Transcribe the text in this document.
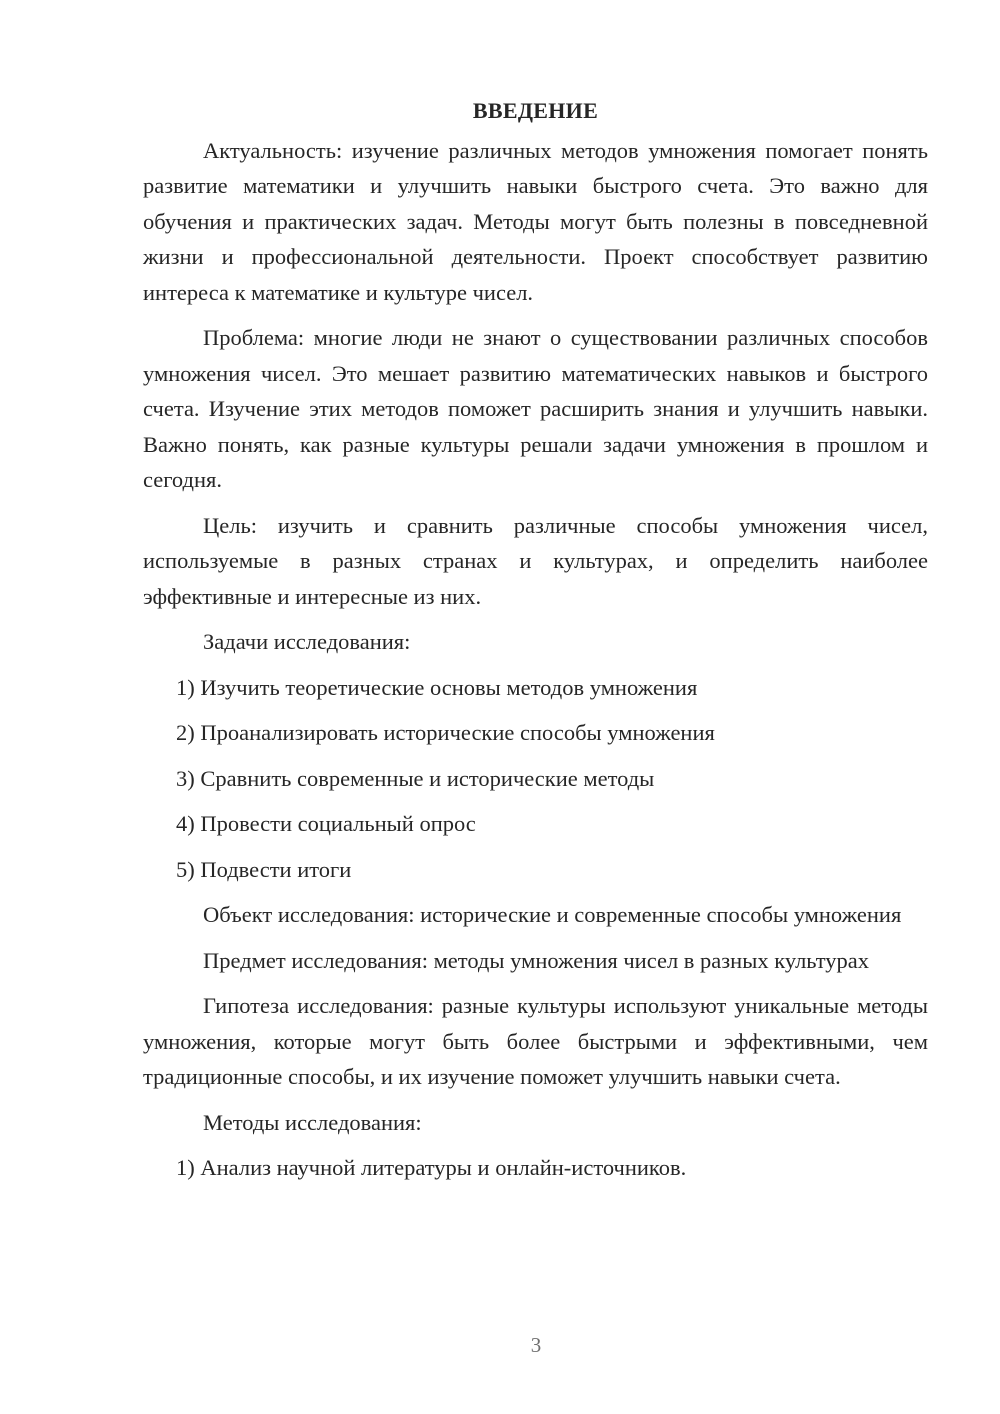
ВВЕДЕНИЕ

Актуальность: изучение различных методов умножения помогает понять развитие математики и улучшить навыки быстрого счета. Это важно для обучения и практических задач. Методы могут быть полезны в повседневной жизни и профессиональной деятельности. Проект способствует развитию интереса к математике и культуре чисел.

Проблема: многие люди не знают о существовании различных способов умножения чисел. Это мешает развитию математических навыков и быстрого счета. Изучение этих методов поможет расширить знания и улучшить навыки. Важно понять, как разные культуры решали задачи умножения в прошлом и сегодня.

Цель: изучить и сравнить различные способы умножения чисел, используемые в разных странах и культурах, и определить наиболее эффективные и интересные из них.

Задачи исследования:

1) Изучить теоретические основы методов умножения
2) Проанализировать исторические способы умножения
3) Сравнить современные и исторические методы
4) Провести социальный опрос
5) Подвести итоги

Объект исследования: исторические и современные способы умножения

Предмет исследования: методы умножения чисел в разных культурах

Гипотеза исследования: разные культуры используют уникальные методы умножения, которые могут быть более быстрыми и эффективными, чем традиционные способы, и их изучение поможет улучшить навыки счета.

Методы исследования:

1) Анализ научной литературы и онлайн-источников.
3
